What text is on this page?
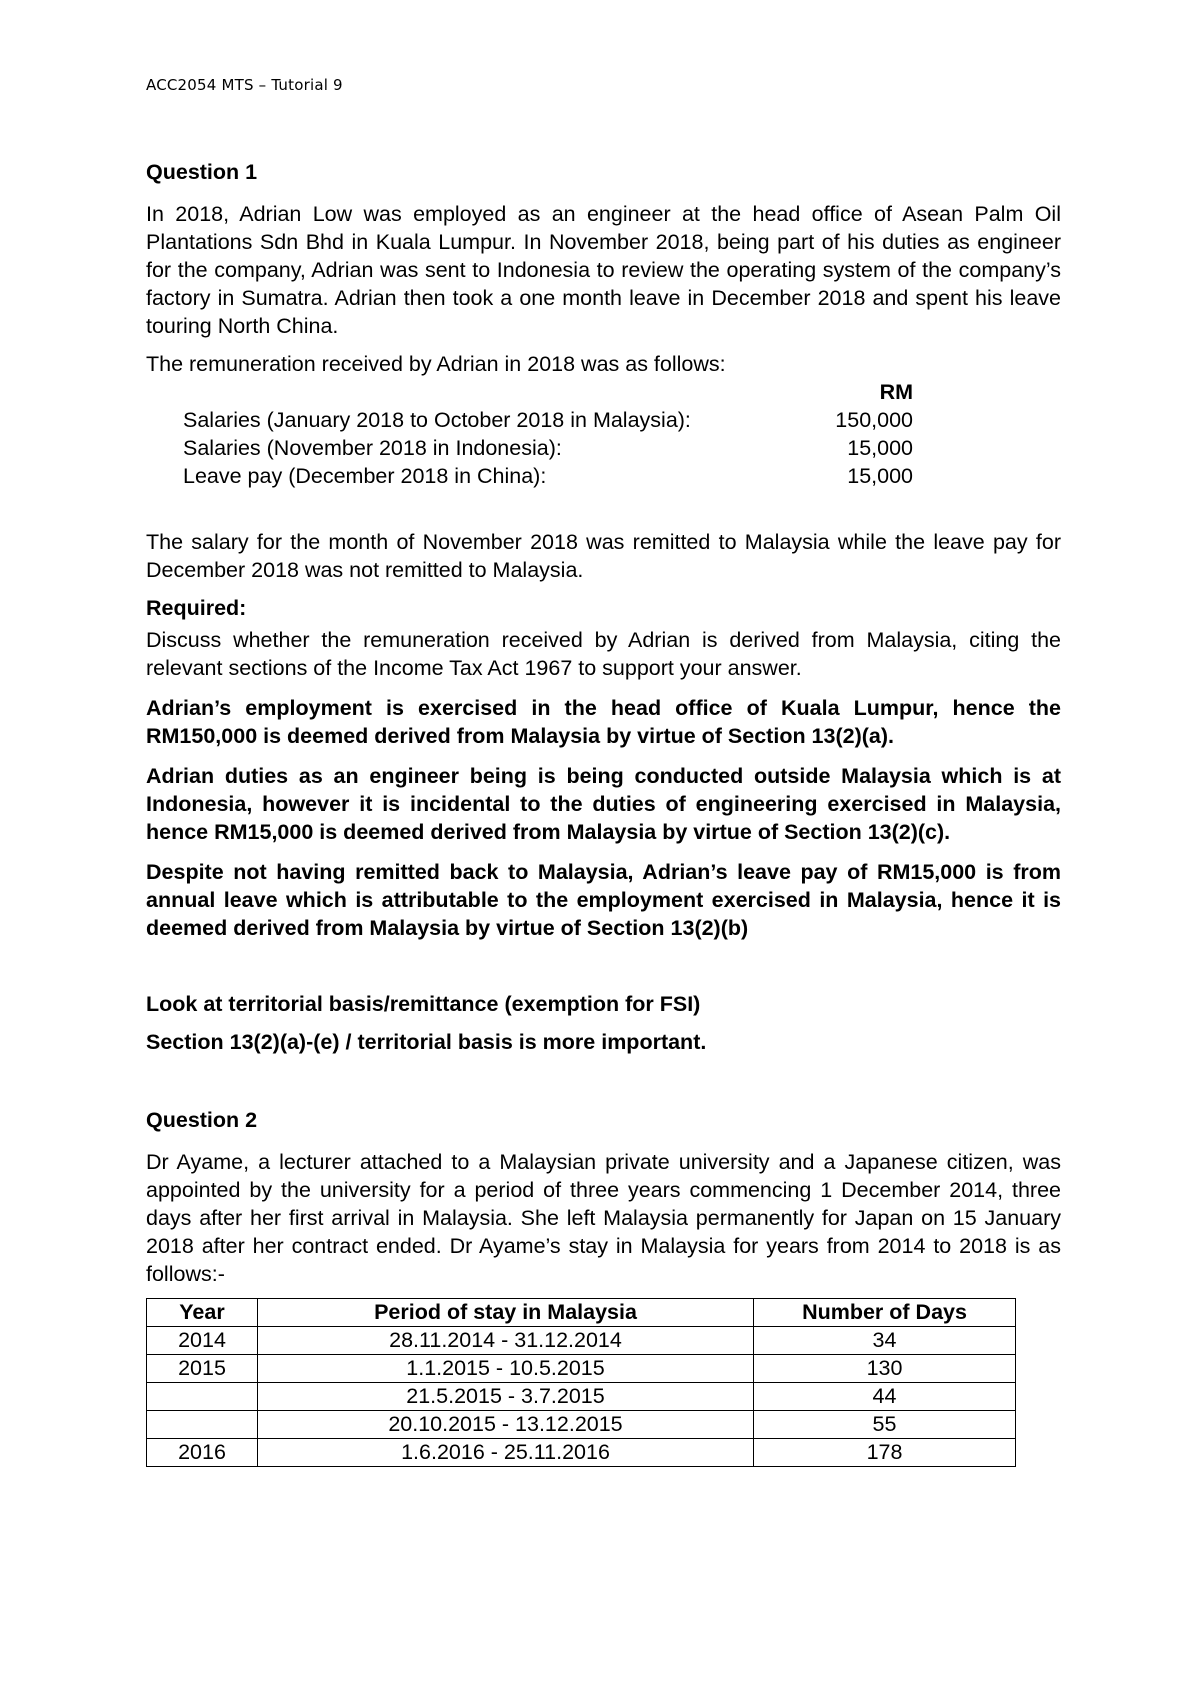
ACC2054 MTS – Tutorial 9
Question 1

In 2018, Adrian Low was employed as an engineer at the head office of Asean Palm Oil Plantations Sdn Bhd in Kuala Lumpur. In November 2018, being part of his duties as engineer for the company, Adrian was sent to Indonesia to review the operating system of the company’s factory in Sumatra. Adrian then took a one month leave in December 2018 and spent his leave touring North China.

The remuneration received by Adrian in 2018 was as follows:

	RM
Salaries (January 2018 to October 2018 in Malaysia):	150,000
Salaries (November 2018 in Indonesia):	15,000
Leave pay (December 2018 in China):	15,000

The salary for the month of November 2018 was remitted to Malaysia while the leave pay for December 2018 was not remitted to Malaysia.

Required:

Discuss whether the remuneration received by Adrian is derived from Malaysia, citing the relevant sections of the Income Tax Act 1967 to support your answer.

Adrian’s employment is exercised in the head office of Kuala Lumpur, hence the RM150,000 is deemed derived from Malaysia by virtue of Section 13(2)(a).

Adrian duties as an engineer being is being conducted outside Malaysia which is at Indonesia, however it is incidental to the duties of engineering exercised in Malaysia, hence RM15,000 is deemed derived from Malaysia by virtue of Section 13(2)(c).

Despite not having remitted back to Malaysia, Adrian’s leave pay of RM15,000 is from annual leave which is attributable to the employment exercised in Malaysia, hence it is deemed derived from Malaysia by virtue of Section 13(2)(b)

Look at territorial basis/remittance (exemption for FSI)

Section 13(2)(a)-(e) / territorial basis is more important.

Question 2

Dr Ayame, a lecturer attached to a Malaysian private university and a Japanese citizen, was appointed by the university for a period of three years commencing 1 December 2014, three days after her first arrival in Malaysia. She left Malaysia permanently for Japan on 15 January 2018 after her contract ended. Dr Ayame’s stay in Malaysia for years from 2014 to 2018 is as follows:-

Year	Period of stay in Malaysia	Number of Days
2014	28.11.2014 - 31.12.2014	34
2015	1.1.2015 - 10.5.2015	130
	21.5.2015 - 3.7.2015	44
	20.10.2015 - 13.12.2015	55
2016	1.6.2016 - 25.11.2016	178
